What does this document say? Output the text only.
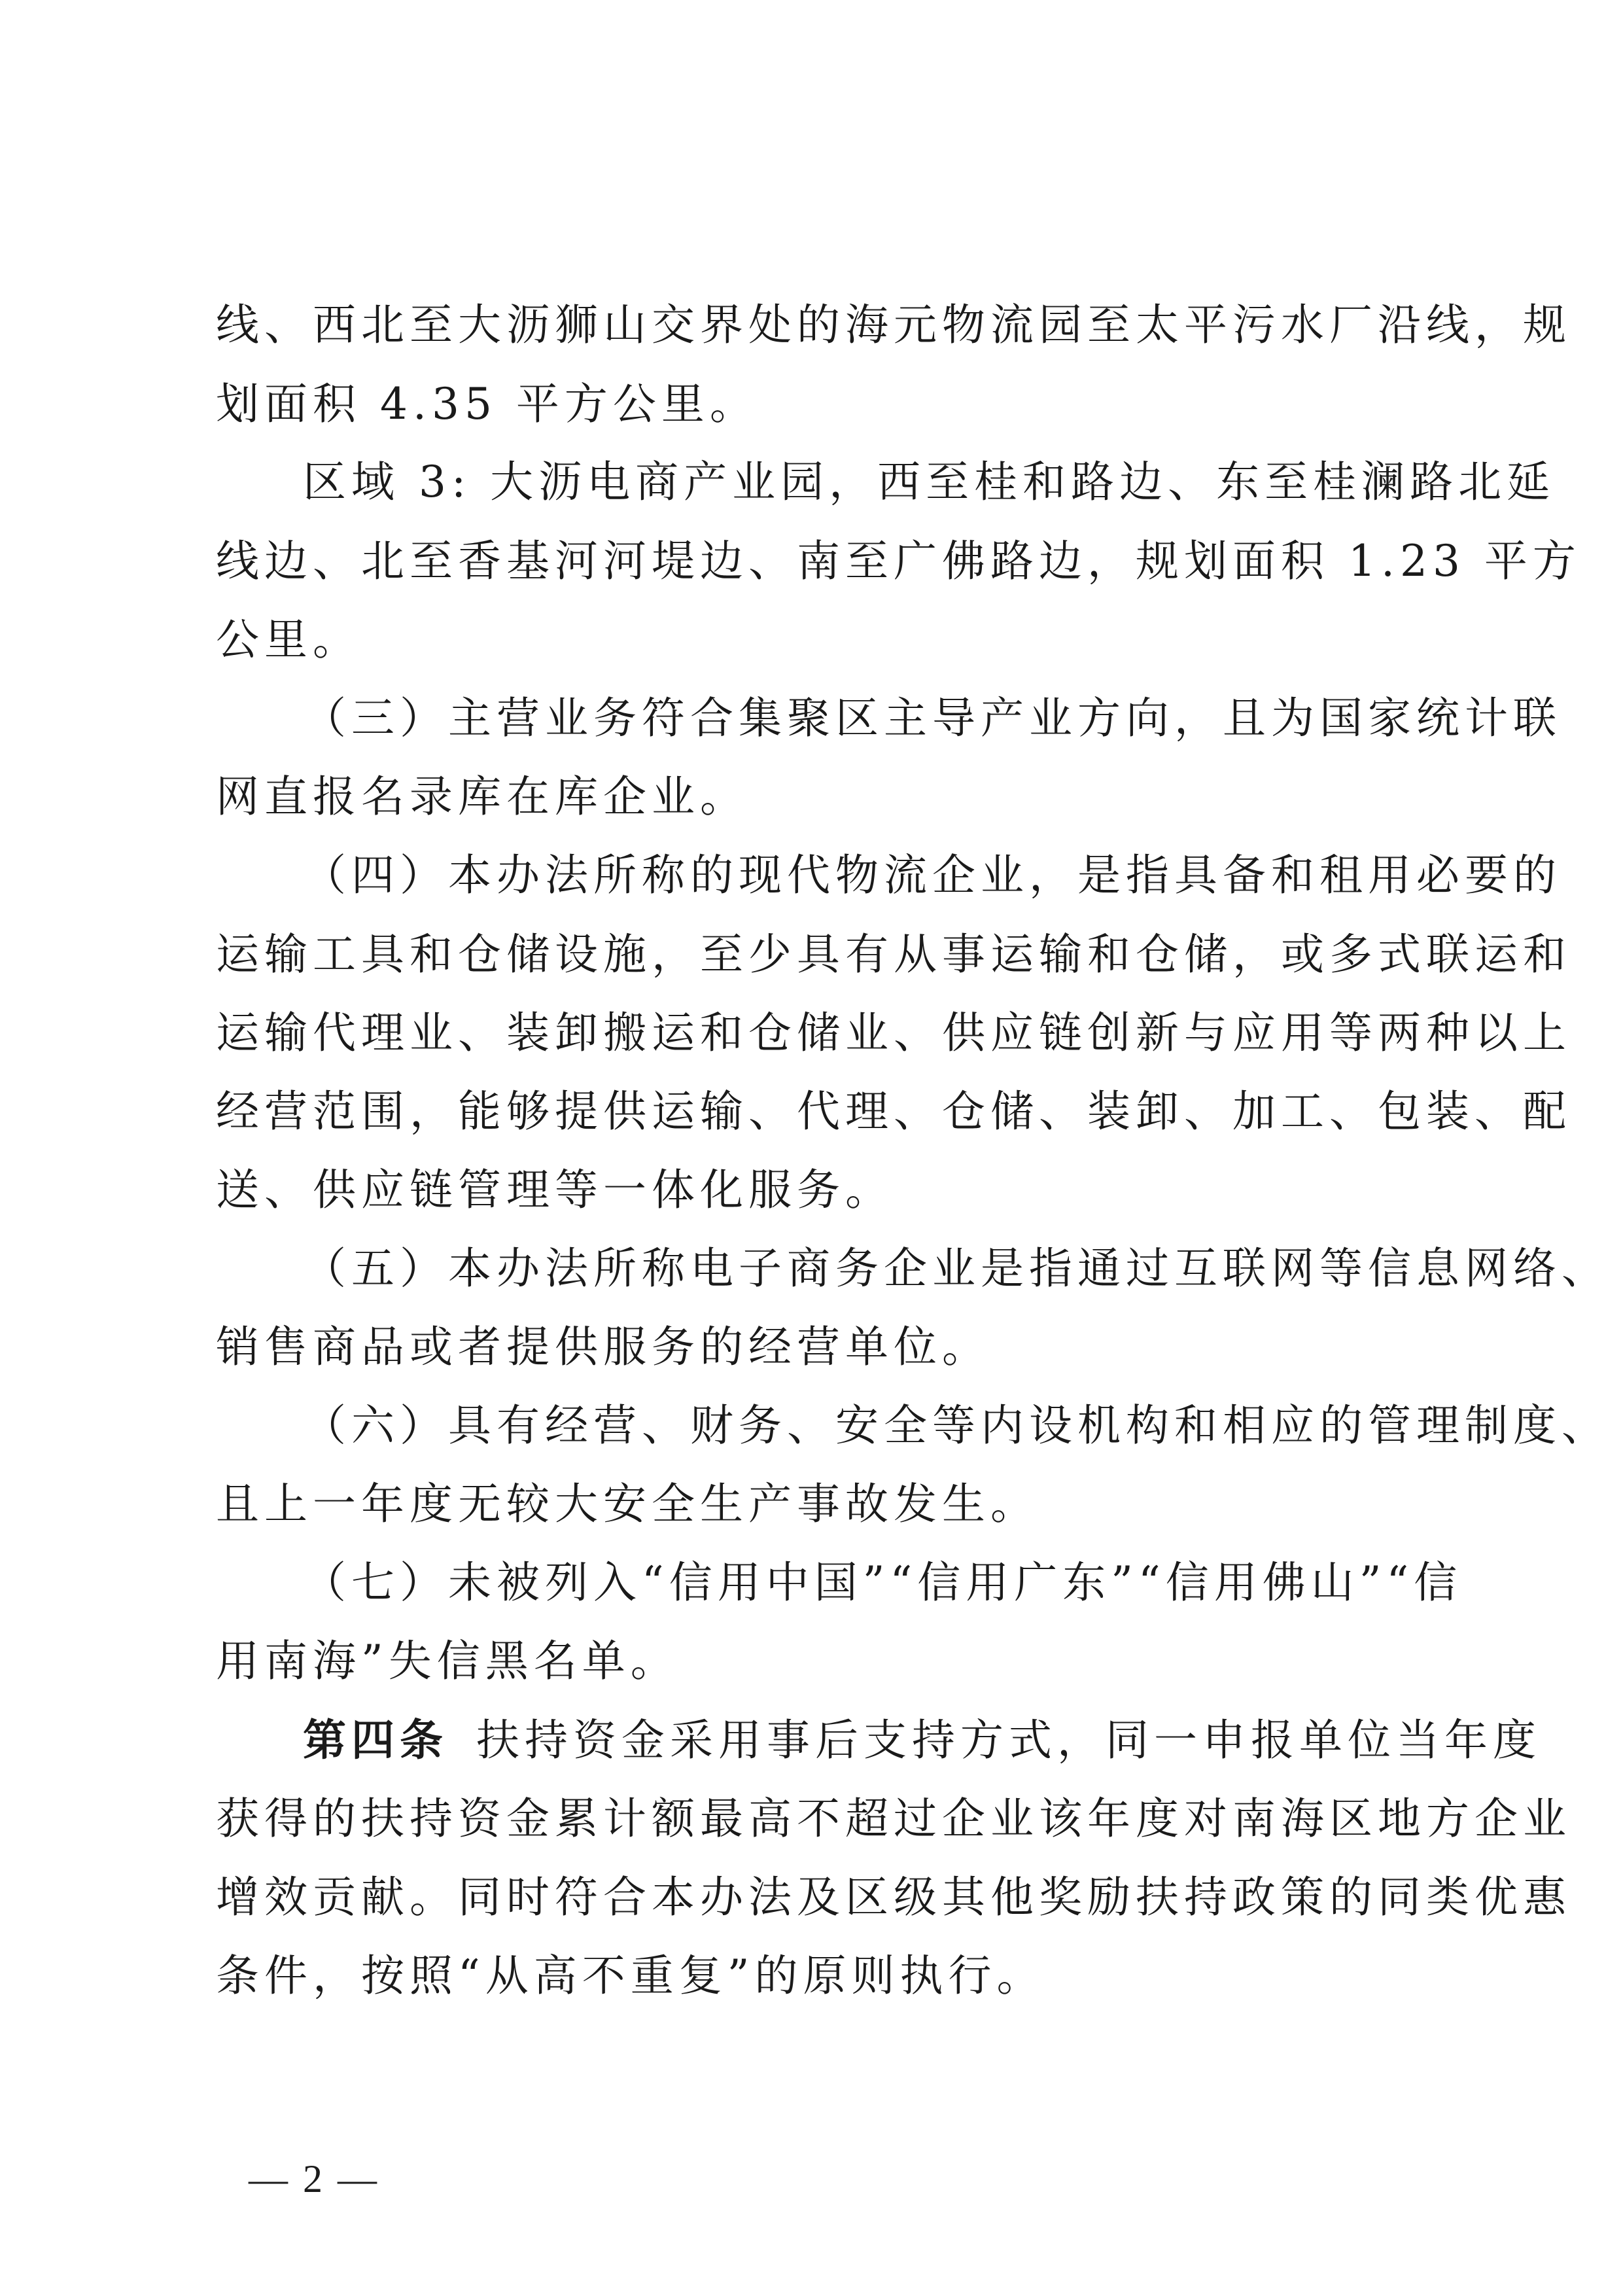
线、西北至大沥狮山交界处的海元物流园至太平污水厂沿线，规
划面积 4.35 平方公里。
区域 3: 大沥电商产业园，西至桂和路边、东至桂澜路北延
线边、北至香基河河堤边、南至广佛路边，规划面积 1.23 平方
公里。
（三）主营业务符合集聚区主导产业方向，且为国家统计联
网直报名录库在库企业。
（四）本办法所称的现代物流企业，是指具备和租用必要的
运输工具和仓储设施，至少具有从事运输和仓储，或多式联运和
运输代理业、装卸搬运和仓储业、供应链创新与应用等两种以上
经营范围，能够提供运输、代理、仓储、装卸、加工、包装、配
送、供应链管理等一体化服务。
（五）本办法所称电子商务企业是指通过互联网等信息网络、
销售商品或者提供服务的经营单位。
（六）具有经营、财务、安全等内设机构和相应的管理制度、
且上一年度无较大安全生产事故发生。
（七）未被列入“信用中国”“信用广东”“信用佛山”“信
用南海”失信黑名单。
第四条 扶持资金采用事后支持方式，同一申报单位当年度
获得的扶持资金累计额最高不超过企业该年度对南海区地方企业
增效贡献。同时符合本办法及区级其他奖励扶持政策的同类优惠
条件，按照“从高不重复”的原则执行。
— 2 —
